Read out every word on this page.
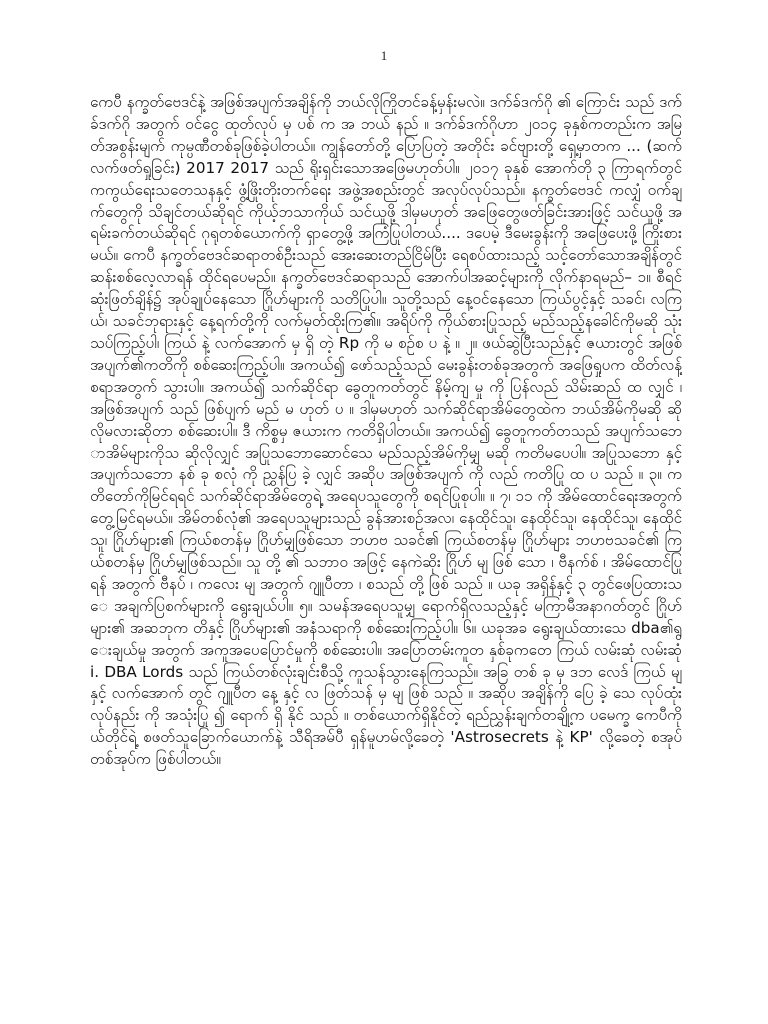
1
ကေပီ နက္ခတ်ဗေဒင်နဲ့ အဖြစ်အပျက်အချိန်ကို ဘယ်လိုကြိုတင်ခန့်မှန်းမလဲ။ ဒက်ခ်ဒက်ဂို ၏ ကြောင်း သည် ဒက်ခ်ဒက်ဂို အတွက် ဝင်ငွေ ထုတ်လုပ် မှ ပစ် က အ ဘယ် နည် ။ ဒက်ခ်ဒက်ဂိုဟာ ၂၀၁၄ ခုနှစ်ကတည်းက အမြတ်အစွန်းမျက် ကုမ္ပဏီတစ်ခုဖြစ်ခဲ့ပါတယ်။ ကျွန်တော်တို့ ပြောပြတဲ့ အတိုင်း ခင်ဗျားတို့ ရှေ့မှာတက ... (ဆက်လက်ဖတ်ရှုခြင်း) 2017 2017 သည် ရိုးရှင်းသောအဖြေမဟုတ်ပါ။ ၂၀၁၇ ခုနှစ် အောက်တို ၃ ကြာရက်တွင် ကကွယ်ရေးသတေသနနှင့် ဖွံ့ဖြိုးတိုးတက်ရေး အဖွဲ့အစည်းတွင် အလုပ်လုပ်သည်။ နက္ခတ်ဗေဒင် ကလျှံ ဝက်ချက်တွေကို သိချင်တယ်ဆိုရင် ကိုယ့်ဘသာကိုယ် သင်ယူဖို့ ဒါမှမဟုတ် အဖြေတွေဖတ်ခြင်းအားဖြင့် သင်ယူဖို့ အရမ်းခက်တယ်ဆိုရင် ဂုရုတစ်ယောက်ကို ရှာတွေ့ဖို့ အကြံပြုပါတယ်.... ဒပေမဲ့ ဒီမေးခွန်းကို အဖြေပေးဖို့ ကြိုးစားမယ်။ ကေပီ နက္ခတ်ဗေဒင်ဆရာတစ်ဦးသည် အေးဆေးတည်ငြိမ်ပြီး ရေစပ်ထားသည့် သင့်တော်သောအချိန်တွင် ဆန်းစစ်လေ့လာရန် ထိုင်ရပေမည်။ နက္ခတ်ဗေဒင်ဆရာသည် အောက်ပါအဆင့်များကို လိုက်နာရမည်– ၁။ စီရင်ဆုံးဖြတ်ချိန်၌ အုပ်ချုပ်နေသော ဂြိုဟ်များကို သတိပြုပါ။ သူတို့သည် နေ့ဝင်နေသော ကြယ်ပွင့်နှင့် သခင်၊ လကြယ်၊ သခင်ဘုရားနှင့် နေ့ရက်တို့ကို လက်မှတ်ထိုးကြ၏။ အရိပ်ကို ကိုယ်စားပြုသည့် မည်သည့်နခေါင်ကိုမဆို သုံးသပ်ကြည့်ပါ၊ ကြယ် နဲ့ လက်အောက် မှ ရှိ တဲ့ Rp ကို မ စဉ်စ ပ နဲ့ ။ ၂။ ဖယ်ဆွဲပြီးသည်နှင့် ဇယားတွင် အဖြစ်အပျက်၏ကတိကို စစ်ဆေးကြည့်ပါ။ အကယ်၍ ဖော်သည့်သည် မေးခွန်းတစ်ခုအတွက် အဖြေရှုပက ထိတ်လန့်စရာအတွက် သွားပါ။ အကယ်၍ သက်ဆိုင်ရာ ခွေတူကတ်တွင် နိမ့်ကျ မှု ကို ပြန်လည် သိမ်းဆည် ထ လျှင် ၊ အဖြစ်အပျက် သည် ဖြစ်ပျက် မည် မ ဟုတ် ပ ။ ဒါမှမဟုတ် သက်ဆိုင်ရာအိမ်တွေထဲက ဘယ်အိမ်ကိုမဆို ဆိုလိုမလားဆိုတာ စစ်ဆေးပါ။ ဒီ ကိစ္စမှ ဇယားက ကတိရှိပါတယ်။ အကယ်၍ ခွေတူကတ်တသည် အပျက်သဘောအိမ်များကိုသ ဆိုလိုလျှင် အပြုသဘောဆောင်သေ မည်သည့်အိမ်ကိုမျှ မဆို ကတိမပေပါ။ အပြုသဘော နှင့် အပျက်သဘော နစ် ခု စလုံ ကို ညွှန်ပြ ခဲ့ လျှင် အဆိုပ အဖြစ်အပျက် ကို လည် ကတိပြု ထ ပ သည် ။ ၃။ ကတိတော်ကိုမြင်ရရင် သက်ဆိုင်ရာအိမ်တွေရဲ့ အရေပသူတွေကို စရင်ပြုစုပါ။ ။ ၇၊ ၁၁ ကို အိမ်ထောင်ရေးအတွက် တွေ့မြင်ရမယ်။ အိမ်တစ်လုံ၏ အရေပသူများသည် ခွန်အားစဉ်အလ၊ နေထိုင်သူ၊ နေထိုင်သူ၊ နေထိုင်သူ၊ နေထိုင်သူ၊ ဂြိုဟ်များ၏ ကြယ်စတန်မှ ဂြိုဟ်မျှဖြစ်သော ဘဟဗ သခင်၏ ကြယ်စတန်မှ ဂြိုဟ်များ ဘဟဗသခင်၏ ကြယ်စတန်မှ ဂြိုဟ်မျှဖြစ်သည်။ သူ တို့ ၏ သဘာဝ အဖြင့် နေကဲဆိုး ဂြိုဟ် မျ ဖြစ် သော ၊ ဗီနက်စ် ၊ အိမ်ထောင်ပြု ရန် အတွက် ဗီနပ် ၊ ကလေး မျ အတွက် ဂျူပီတာ ၊ စသည် တို့ ဖြစ် သည် ။ ယခု အရှိန်နှင့် ၃ တွင်ဖေပြထားသေ အချက်ပြစက်များကို ရွေးချယ်ပါ။ ၅။ သမန်အရေပသူမျှ ရောက်ရှိလသည့်နှင့် မကြာမီအနာဂတ်တွင် ဂြိုဟ်များ၏ အဆဘုက တိနှင့် ဂြိုဟ်များ၏ အနံသရာကို စစ်ဆေးကြည့်ပါ။ ၆။ ယခုအခ ရွေးချယ်ထားသေ dba၏ရွေးချယ်မှု အတွက် အကူအပေပြောင်မှုကို စစ်ဆေးပါ။ အပြောတမ်းကူတ နှစ်ခုကတေ ကြယ် လမ်းဆုံ လမ်းဆုံ i. DBA Lords သည် ကြယ်တစ်လုံးချင်းစီသို့ ကူသန်သွားနေကြသည်။ အခြ တစ် ခု မှ ဒဘ လေဒ် ကြယ် မျ နှင့် လက်အောက် တွင် ဂျူပီတ နေ့ နှင့် လ ဖြတ်သန် မှ မျ ဖြစ် သည် ။ အဆိုပ အချိန်ကို ပြေ ခဲ့ သေ လုပ်ထုံးလုပ်နည်း ကို အသုံးပြု ၍ ရောက် ရှိ နိုင် သည် ။ တစ်ယောက်ရှိနိုင်တဲ့ ရည်ညွှန်းချက်တချို့က ပမေက္ခ ကေပီကိုယ်တိုင်ရဲ့ စဖတ်သူခြောက်ယောက်နဲ့ သီရိအမ်ပီ ရှန်မူဟမ်လို့ခေတဲ့ 'Astrosecrets နဲ့ KP' လို့ခေတဲ့ စအုပ်တစ်အုပ်က ဖြစ်ပါတယ်။
